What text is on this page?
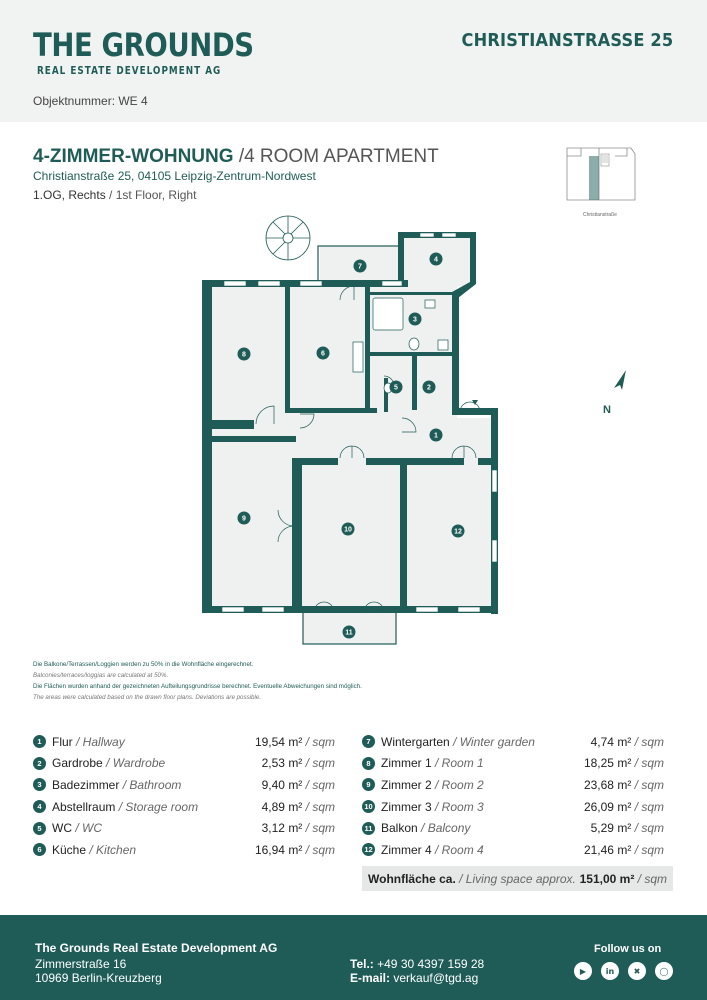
THE GROUNDS
REAL ESTATE DEVELOPMENT AG
CHRISTIANSTRASSE 25
Objektnummer: WE 4
4-ZIMMER-WOHNUNG /4 ROOM APARTMENT
Christianstraße 25, 04105 Leipzig-Zentrum-Nordwest
1.OG, Rechts / 1st Floor, Right
Christianstraße
N
1
2
3
4
5
6
7
8
9
10
11
12
Die Balkone/Terrassen/Loggien werden zu 50% in die Wohnfläche eingerechnet.
Balconies/terraces/loggias are calculated at 50%.
Die Flächen wurden anhand der gezeichneten Aufteilungsgrundrisse berechnet. Eventuelle Abweichungen sind möglich.
The areas were calculated based on the drawn floor plans. Deviations are possible.
1 Flur / Hallway	19,54 m² / sqm
2 Gardrobe / Wardrobe	2,53 m² / sqm
3 Badezimmer / Bathroom	9,40 m² / sqm
4 Abstellraum / Storage room	4,89 m² / sqm
5 WC / WC	3,12 m² / sqm
6 Küche / Kitchen	16,94 m² / sqm
7 Wintergarten / Winter garden	4,74 m² / sqm
8 Zimmer 1 / Room 1	18,25 m² / sqm
9 Zimmer 2 / Room 2	23,68 m² / sqm
10 Zimmer 3 / Room 3	26,09 m² / sqm
11 Balkon / Balcony	5,29 m² / sqm
12 Zimmer 4 / Room 4	21,46 m² / sqm
Wohnfläche ca. / Living space approx. 151,00 m² / sqm
The Grounds Real Estate Development AG
Zimmerstraße 16
10969 Berlin-Kreuzberg
Tel.: +49 30 4397 159 28
E-mail: verkauf@tgd.ag
Follow us on
▶	in	✖	◯
